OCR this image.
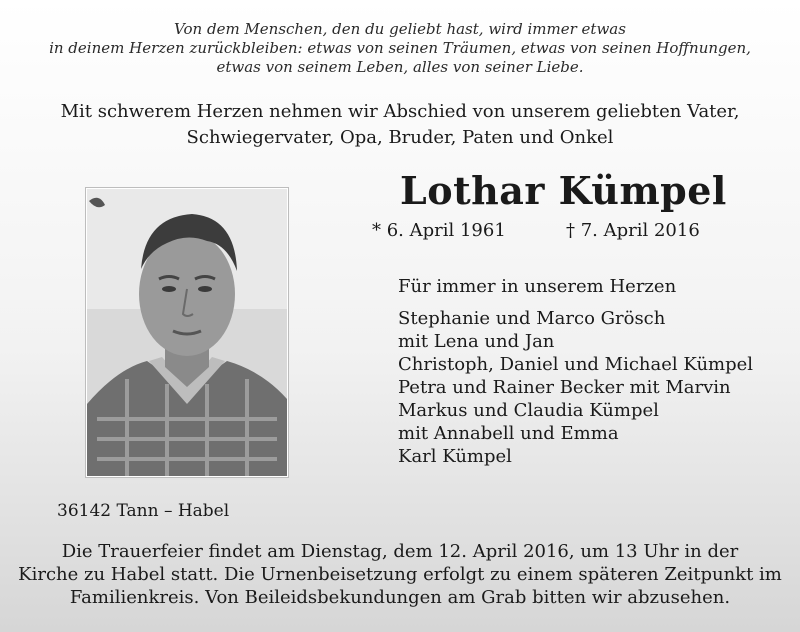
Von dem Menschen, den du geliebt hast, wird immer etwas
in deinem Herzen zurückbleiben: etwas von seinen Träumen, etwas von seinen Hoffnungen,
etwas von seinem Leben, alles von seiner Liebe.
Mit schwerem Herzen nehmen wir Abschied von unserem geliebten Vater,
Schwiegervater, Opa, Bruder, Paten und Onkel
Lothar Kümpel
* 6. April 1961	† 7. April 2016
Für immer in unserem Herzen
Stephanie und Marco Grösch
mit Lena und Jan
Christoph, Daniel und Michael Kümpel
Petra und Rainer Becker mit Marvin
Markus und Claudia Kümpel
mit Annabell und Emma
Karl Kümpel
36142 Tann – Habel
Die Trauerfeier findet am Dienstag, dem 12. April 2016, um 13 Uhr in der
Kirche zu Habel statt. Die Urnenbeisetzung erfolgt zu einem späteren Zeitpunkt im
Familienkreis. Von Beileidsbekundungen am Grab bitten wir abzusehen.
